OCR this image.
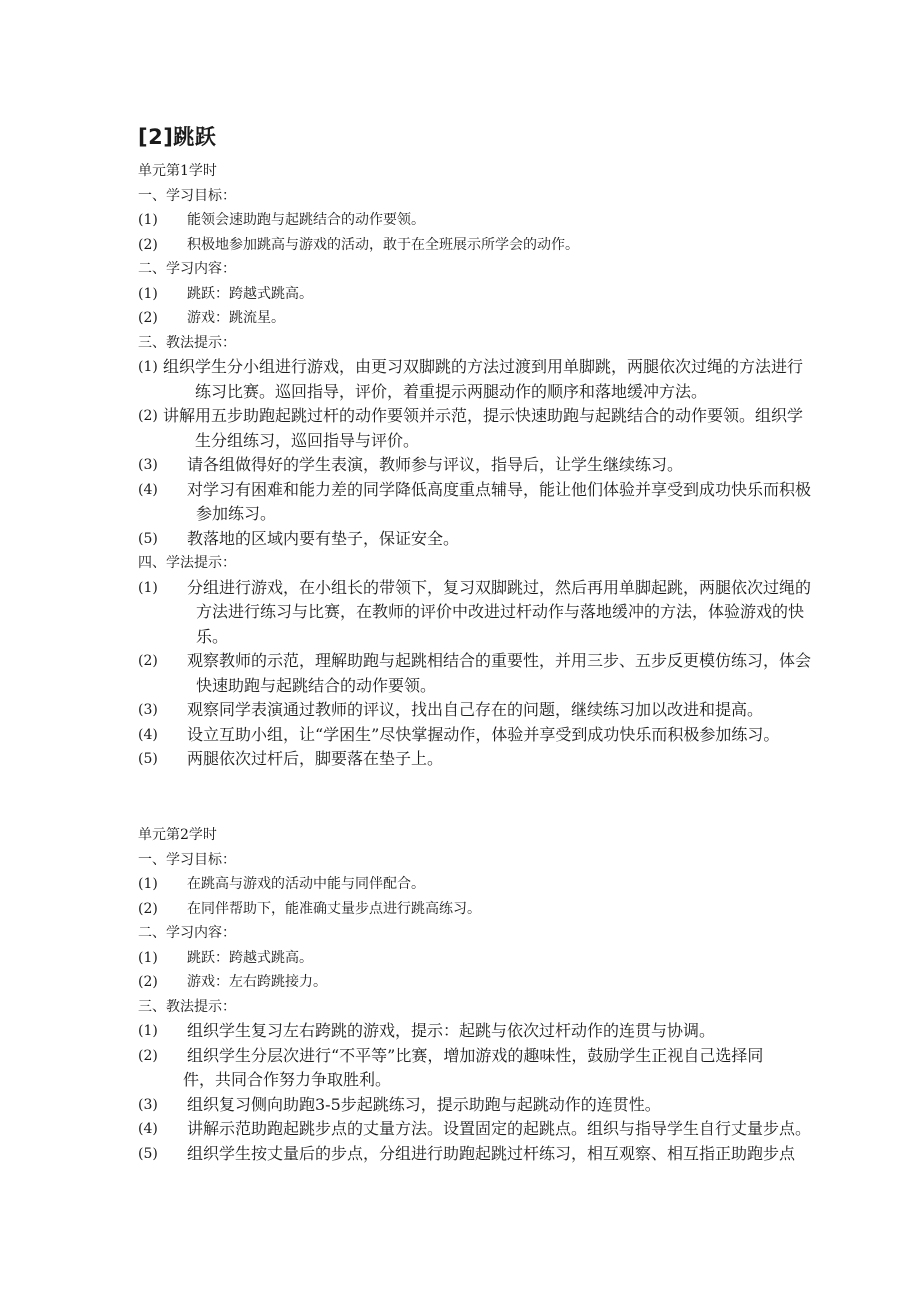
[2]跳跃
单元第1学时
一、学习目标：
(1)	能领会速助跑与起跳结合的动作要领。
(2)	积极地参加跳高与游戏的活动，敢于在全班展示所学会的动作。
二、学习内容：
(1)	跳跃：跨越式跳高。
(2)	游戏：跳流星。
三、教法提示：
(1) 组织学生分小组进行游戏，由更习双脚跳的方法过渡到用单脚跳，两腿依次过绳的方法进行
练习比赛。巡回指导，评价，着重提示两腿动作的顺序和落地缓冲方法。
(2) 讲解用五步助跑起跳过杆的动作要领并示范，提示快速助跑与起跳结合的动作要领。组织学
生分组练习，巡回指导与评价。
(3)	请各组做得好的学生表演，教师参与评议，指导后，让学生继续练习。
(4)	对学习有困难和能力差的同学降低高度重点辅导，能让他们体验并享受到成功快乐而积极
参加练习。
(5)	教落地的区域内要有垫子，保证安全。
四、学法提示：
(1)	分组进行游戏，在小组长的带领下，复习双脚跳过，然后再用单脚起跳，两腿依次过绳的
方法进行练习与比赛，在教师的评价中改进过杆动作与落地缓冲的方法，体验游戏的快
乐。
(2)	观察教师的示范，理解助跑与起跳相结合的重要性，并用三步、五步反更模仿练习，体会
快速助跑与起跳结合的动作要领。
(3)	观察同学表演通过教师的评议，找出自己存在的问题，继续练习加以改进和提高。
(4)	设立互助小组，让“学困生”尽快掌握动作，体验并享受到成功快乐而积极参加练习。
(5)	两腿依次过杆后，脚要落在垫子上。
单元第2学时
一、学习目标：
(1)	在跳高与游戏的活动中能与同伴配合。
(2)	在同伴帮助下，能准确丈量步点进行跳高练习。
二、学习内容：
(1)	跳跃：跨越式跳高。
(2)	游戏：左右跨跳接力。
三、教法提示：
(1)	组织学生复习左右跨跳的游戏，提示：起跳与依次过杆动作的连贯与协调。
(2)	组织学生分层次进行“不平等”比赛，增加游戏的趣味性，鼓励学生正视自己选择同
件，共同合作努力争取胜利。
(3)	组织复习侧向助跑3-5步起跳练习，提示助跑与起跳动作的连贯性。
(4)	讲解示范助跑起跳步点的丈量方法。设置固定的起跳点。组织与指导学生自行丈量步点。
(5)	组织学生按丈量后的步点，分组进行助跑起跳过杆练习，相互观察、相互指正助跑步点
